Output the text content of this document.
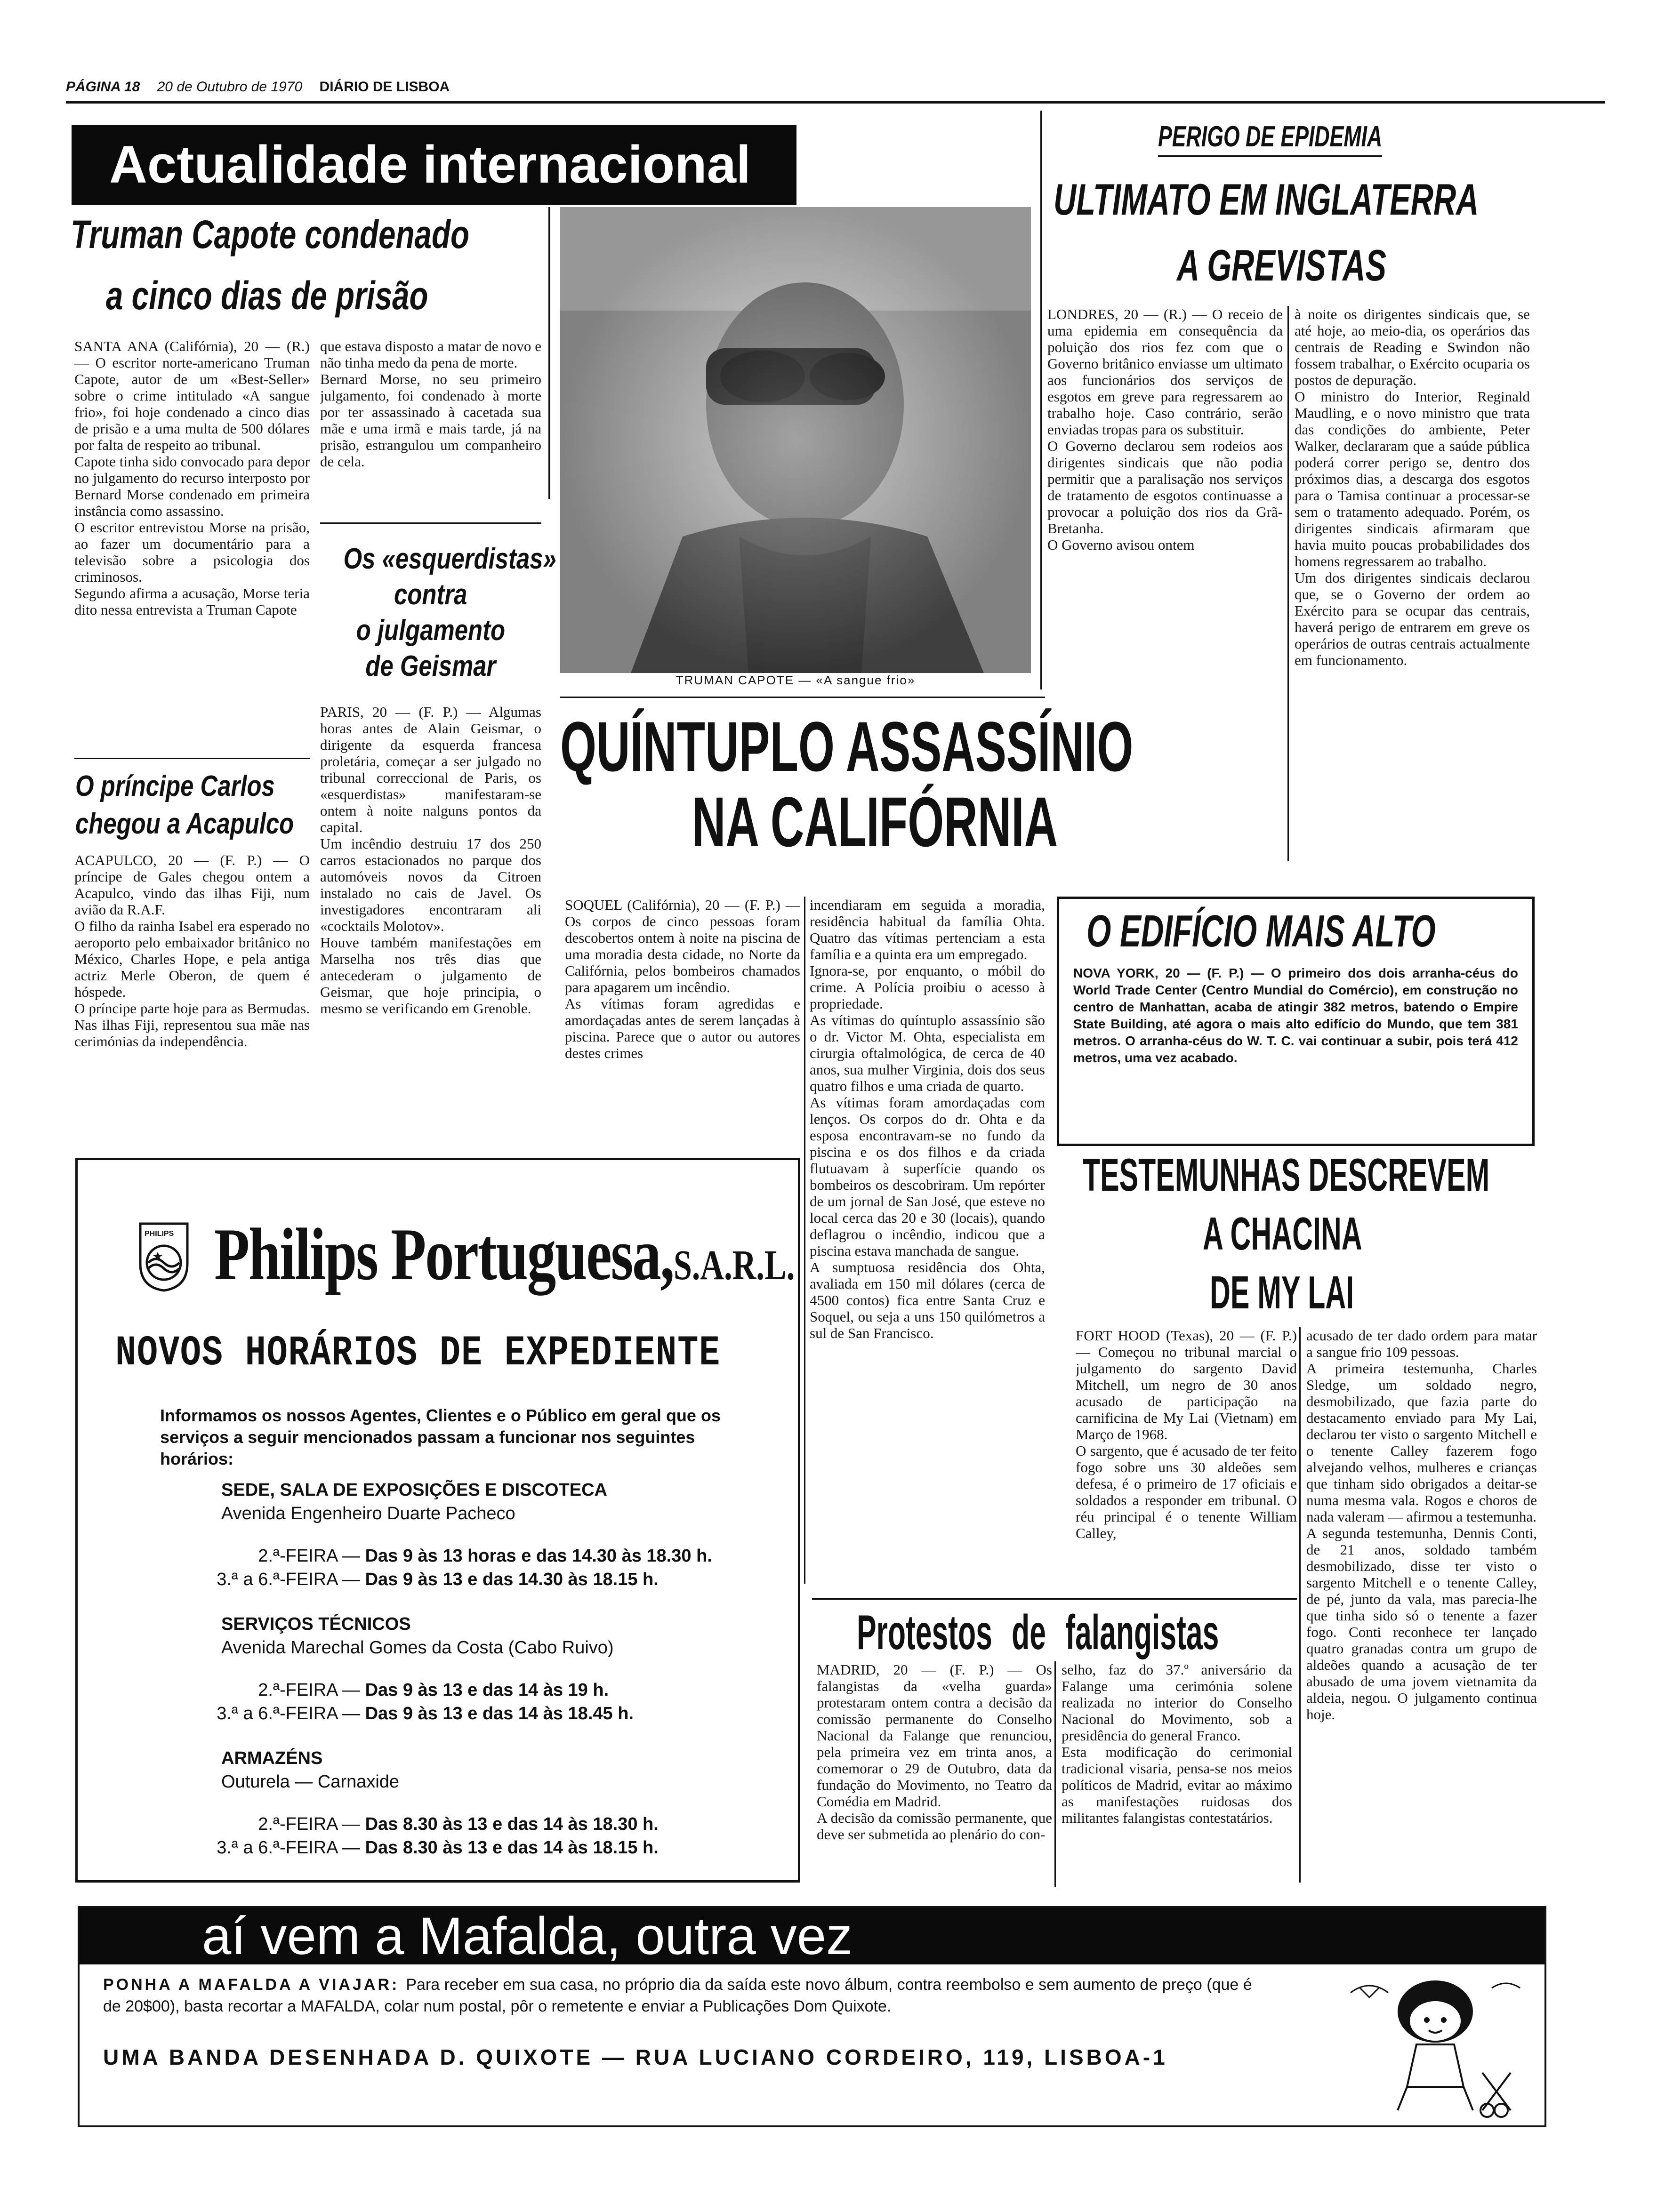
PÁGINA 18 20 de Outubro de 1970 DIÁRIO DE LISBOA
Actualidade internacional
Truman Capote condenado
a cinco dias de prisão
SANTA ANA (Califórnia), 20 — (R.) — O escritor norte-americano Truman Capote, autor de um «Best-Seller» sobre o crime intitulado «A sangue frio», foi hoje condenado a cinco dias de prisão e a uma multa de 500 dólares por falta de respeito ao tribunal.
Capote tinha sido convocado para depor no julgamento do recurso interposto por Bernard Morse condenado em primeira instância como assassino.
O escritor entrevistou Morse na prisão, ao fazer um documentário para a televisão sobre a psicologia dos criminosos.
Segundo afirma a acusação, Morse teria dito nessa entrevista a Truman Capote
que estava disposto a matar de novo e não tinha medo da pena de morte.
Bernard Morse, no seu primeiro julgamento, foi condenado à morte por ter assassinado à cacetada sua mãe e uma irmã e mais tarde, já na prisão, estrangulou um companheiro de cela.
TRUMAN CAPOTE — «A sangue frio»
Os «esquerdistas»
contra
o julgamento
de Geismar
PARIS, 20 — (F. P.) — Algumas horas antes de Alain Geismar, o dirigente da esquerda francesa proletária, começar a ser julgado no tribunal correccional de Paris, os «esquerdistas» manifestaram-se ontem à noite nalguns pontos da capital.
Um incêndio destruiu 17 dos 250 carros estacionados no parque dos automóveis novos da Citroen instalado no cais de Javel. Os investigadores encontraram ali «cocktails Molotov».
Houve também manifestações em Marselha nos três dias que antecederam o julgamento de Geismar, que hoje principia, o mesmo se verificando em Grenoble.
O príncipe Carlos
chegou a Acapulco
ACAPULCO, 20 — (F. P.) — O príncipe de Gales chegou ontem a Acapulco, vindo das ilhas Fiji, num avião da R.A.F.
O filho da rainha Isabel era esperado no aeroporto pelo embaixador britânico no México, Charles Hope, e pela antiga actriz Merle Oberon, de quem é hóspede.
O príncipe parte hoje para as Bermudas. Nas ilhas Fiji, representou sua mãe nas cerimónias da independência.
PERIGO DE EPIDEMIA
ULTIMATO EM INGLATERRA
A GREVISTAS
LONDRES, 20 — (R.) — O receio de uma epidemia em consequência da poluição dos rios fez com que o Governo britânico enviasse um ultimato aos funcionários dos serviços de esgotos em greve para regressarem ao trabalho hoje. Caso contrário, serão enviadas tropas para os substituir.
O Governo declarou sem rodeios aos dirigentes sindicais que não podia permitir que a paralisação nos serviços de tratamento de esgotos continuasse a provocar a poluição dos rios da Grã-Bretanha.
O Governo avisou ontem
à noite os dirigentes sindicais que, se até hoje, ao meio-dia, os operários das centrais de Reading e Swindon não fossem trabalhar, o Exército ocuparia os postos de depuração.
O ministro do Interior, Reginald Maudling, e o novo ministro que trata das condições do ambiente, Peter Walker, declararam que a saúde pública poderá correr perigo se, dentro dos próximos dias, a descarga dos esgotos para o Tamisa continuar a processar-se sem o tratamento adequado. Porém, os dirigentes sindicais afirmaram que havia muito poucas probabilidades dos homens regressarem ao trabalho.
Um dos dirigentes sindicais declarou que, se o Governo der ordem ao Exército para se ocupar das centrais, haverá perigo de entrarem em greve os operários de outras centrais actualmente em funcionamento.
QUÍNTUPLO ASSASSÍNIO
NA CALIFÓRNIA
SOQUEL (Califórnia), 20 — (F. P.) — Os corpos de cinco pessoas foram descobertos ontem à noite na piscina de uma moradia desta cidade, no Norte da Califórnia, pelos bombeiros chamados para apagarem um incêndio.
As vítimas foram agredidas e amordaçadas antes de serem lançadas à piscina. Parece que o autor ou autores destes crimes
incendiaram em seguida a moradia, residência habitual da família Ohta. Quatro das vítimas pertenciam a esta família e a quinta era um empregado.
Ignora-se, por enquanto, o móbil do crime. A Polícia proibiu o acesso à propriedade.
As vítimas do quíntuplo assassínio são o dr. Victor M. Ohta, especialista em cirurgia oftalmológica, de cerca de 40 anos, sua mulher Virginia, dois dos seus quatro filhos e uma criada de quarto.
As vítimas foram amordaçadas com lenços. Os corpos do dr. Ohta e da esposa encontravam-se no fundo da piscina e os dos filhos e da criada flutuavam à superfície quando os bombeiros os descobriram. Um repórter de um jornal de San José, que esteve no local cerca das 20 e 30 (locais), quando deflagrou o incêndio, indicou que a piscina estava manchada de sangue.
A sumptuosa residência dos Ohta, avaliada em 150 mil dólares (cerca de 4500 contos) fica entre Santa Cruz e Soquel, ou seja a uns 150 quilómetros a sul de San Francisco.
O EDIFÍCIO MAIS ALTO
NOVA YORK, 20 — (F. P.) — O primeiro dos dois arranha-céus do World Trade Center (Centro Mundial do Comércio), em construção no centro de Manhattan, acaba de atingir 382 metros, batendo o Empire State Building, até agora o mais alto edifício do Mundo, que tem 381 metros. O arranha-céus do W. T. C. vai continuar a subir, pois terá 412 metros, uma vez acabado.
TESTEMUNHAS DESCREVEM
A CHACINA
DE MY LAI
FORT HOOD (Texas), 20 — (F. P.) — Começou no tribunal marcial o julgamento do sargento David Mitchell, um negro de 30 anos acusado de participação na carnificina de My Lai (Vietnam) em Março de 1968.
O sargento, que é acusado de ter feito fogo sobre uns 30 aldeões sem defesa, é o primeiro de 17 oficiais e soldados a responder em tribunal. O réu principal é o tenente William Calley,
acusado de ter dado ordem para matar a sangue frio 109 pessoas.
A primeira testemunha, Charles Sledge, um soldado negro, desmobilizado, que fazia parte do destacamento enviado para My Lai, declarou ter visto o sargento Mitchell e o tenente Calley fazerem fogo alvejando velhos, mulheres e crianças que tinham sido obrigados a deitar-se numa mesma vala. Rogos e choros de nada valeram — afirmou a testemunha.
A segunda testemunha, Dennis Conti, de 21 anos, soldado também desmobilizado, disse ter visto o sargento Mitchell e o tenente Calley, de pé, junto da vala, mas parecia-lhe que tinha sido só o tenente a fazer fogo. Conti reconhece ter lançado quatro granadas contra um grupo de aldeões quando a acusação de ter abusado de uma jovem vietnamita da aldeia, negou. O julgamento continua hoje.
Protestos de falangistas
MADRID, 20 — (F. P.) — Os falangistas da «velha guarda» protestaram ontem contra a decisão da comissão permanente do Conselho Nacional da Falange que renunciou, pela primeira vez em trinta anos, a comemorar o 29 de Outubro, data da fundação do Movimento, no Teatro da Comédia em Madrid.
A decisão da comissão permanente, que deve ser submetida ao plenário do con-
selho, faz do 37.º aniversário da Falange uma cerimónia solene realizada no interior do Conselho Nacional do Movimento, sob a presidência do general Franco.
Esta modificação do cerimonial tradicional visaria, pensa-se nos meios políticos de Madrid, evitar ao máximo as manifestações ruidosas dos militantes falangistas contestatários.
PHILIPS Philips Portuguesa,S.A.R.L.
NOVOS HORÁRIOS DE EXPEDIENTE
Informamos os nossos Agentes, Clientes e o Público em geral que os serviços a seguir mencionados passam a funcionar nos seguintes horários:
SEDE, SALA DE EXPOSIÇÕES E DISCOTECA
Avenida Engenheiro Duarte Pacheco
2.ª-FEIRA — Das 9 às 13 horas e das 14.30 às 18.30 h.
3.ª a 6.ª-FEIRA — Das 9 às 13 e das 14.30 às 18.15 h.
SERVIÇOS TÉCNICOS
Avenida Marechal Gomes da Costa (Cabo Ruivo)
2.ª-FEIRA — Das 9 às 13 e das 14 às 19 h.
3.ª a 6.ª-FEIRA — Das 9 às 13 e das 14 às 18.45 h.
ARMAZÉNS
Outurela — Carnaxide
2.ª-FEIRA — Das 8.30 às 13 e das 14 às 18.30 h.
3.ª a 6.ª-FEIRA — Das 8.30 às 13 e das 14 às 18.15 h.
aí vem a Mafalda, outra vez
PONHA A MAFALDA A VIAJAR: Para receber em sua casa, no próprio dia da saída este novo álbum, contra reembolso e sem aumento de preço (que é de 20$00), basta recortar a MAFALDA, colar num postal, pôr o remetente e enviar a Publicações Dom Quixote.
UMA BANDA DESENHADA D. QUIXOTE — RUA LUCIANO CORDEIRO, 119, LISBOA-1
